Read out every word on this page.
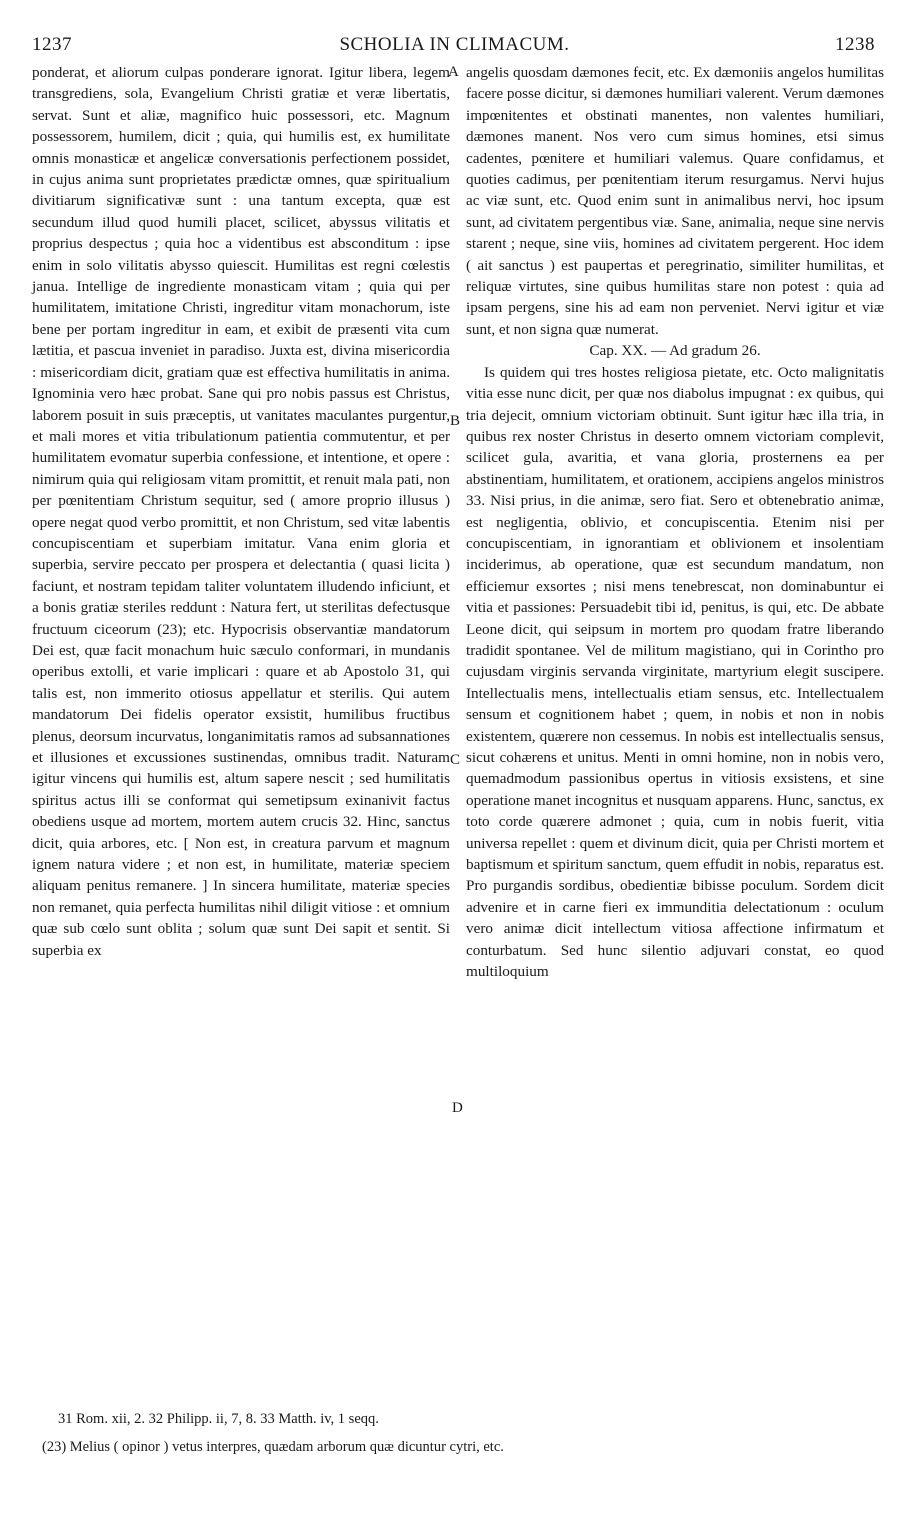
1237	SCHOLIA IN CLIMACUM.	1238

ponderat, et aliorum culpas ponderare ignorat. Igitur libera, legem transgrediens, sola, Evangelium Christi gratiæ et veræ libertatis, servat. Sunt et aliæ, magnifico huic possessori, etc. Magnum possessorem, humilem, dicit ; quia, qui humilis est, ex humilitate omnis monasticæ et angelicæ conversationis perfectionem possidet, in cujus anima sunt proprietates prædictæ omnes, quæ spiritualium divitiarum significativæ sunt : una tantum excepta, quæ est secundum illud quod humili placet, scilicet, abyssus vilitatis et proprius despectus ; quia hoc a videntibus est absconditum : ipse enim in solo vilitatis abysso quiescit. Humilitas est regni cœlestis janua. Intellige de ingrediente monasticam vitam ; quia qui per humilitatem, imitatione Christi, ingreditur vitam monachorum, iste bene per portam ingreditur in eam, et exibit de præsenti vita cum lætitia, et pascua inveniet in paradiso. Juxta est, divina misericordia : misericordiam dicit, gratiam quæ est effectiva humilitatis in anima. Ignominia vero hæc probat. Sane qui pro nobis passus est Christus, laborem posuit in suis præceptis, ut vanitates maculantes purgentur, et mali mores et vitia tribulationum patientia commutentur, et per humilitatem evomatur superbia confessione, et intentione, et opere : nimirum quia qui religiosam vitam promittit, et renuit mala pati, non per pœnitentiam Christum sequitur, sed ( amore proprio illusus ) opere negat quod verbo promittit, et non Christum, sed vitæ labentis concupiscentiam et superbiam imitatur. Vana enim gloria et superbia, servire peccato per prospera et delectantia ( quasi licita ) faciunt, et nostram tepidam taliter voluntatem illudendo inficiunt, et a bonis gratiæ steriles reddunt : Natura fert, ut sterilitas defectusque fructuum ciceorum (23); etc. Hypocrisis observantiæ mandatorum Dei est, quæ facit monachum huic sæculo conformari, in mundanis operibus extolli, et varie implicari : quare et ab Apostolo 31, qui talis est, non immerito otiosus appellatur et sterilis. Qui autem mandatorum Dei fidelis operator exsistit, humilibus fructibus plenus, deorsum incurvatus, longanimitatis ramos ad subsannationes et illusiones et excussiones sustinendas, omnibus tradit. Naturam igitur vincens qui humilis est, altum sapere nescit ; sed humilitatis spiritus actus illi se conformat qui semetipsum exinanivit factus obediens usque ad mortem, mortem autem crucis 32. Hinc, sanctus dicit, quia arbores, etc. [ Non est, in creatura parvum et magnum ignem natura videre ; et non est, in humilitate, materiæ speciem aliquam penitus remanere. ] In sincera humilitate, materiæ species non remanet, quia perfecta humilitas nihil diligit vitiose : et omnium quæ sub cœlo sunt oblita ; solum quæ sunt Dei sapit et sentit. Si superbia ex

A
B
C
D

angelis quosdam dæmones fecit, etc. Ex dæmoniis angelos humilitas facere posse dicitur, si dæmones humiliari valerent. Verum dæmones impœnitentes et obstinati manentes, non valentes humiliari, dæmones manent. Nos vero cum simus homines, etsi simus cadentes, pœnitere et humiliari valemus. Quare confidamus, et quoties cadimus, per pœnitentiam iterum resurgamus. Nervi hujus ac viæ sunt, etc. Quod enim sunt in animalibus nervi, hoc ipsum sunt, ad civitatem pergentibus viæ. Sane, animalia, neque sine nervis starent ; neque, sine viis, homines ad civitatem pergerent. Hoc idem ( ait sanctus ) est paupertas et peregrinatio, similiter humilitas, et reliquæ virtutes, sine quibus humilitas stare non potest : quia ad ipsam pergens, sine his ad eam non perveniet. Nervi igitur et viæ sunt, et non signa quæ numerat.

Cap. XX. — Ad gradum 26.

Is quidem qui tres hostes religiosa pietate, etc. Octo malignitatis vitia esse nunc dicit, per quæ nos diabolus impugnat : ex quibus, qui tria dejecit, omnium victoriam obtinuit. Sunt igitur hæc illa tria, in quibus rex noster Christus in deserto omnem victoriam complevit, scilicet gula, avaritia, et vana gloria, prosternens ea per abstinentiam, humilitatem, et orationem, accipiens angelos ministros 33. Nisi prius, in die animæ, sero fiat. Sero et obtenebratio animæ, est negligentia, oblivio, et concupiscentia. Etenim nisi per concupiscentiam, in ignorantiam et oblivionem et insolentiam inciderimus, ab operatione, quæ est secundum mandatum, non efficiemur exsortes ; nisi mens tenebrescat, non dominabuntur ei vitia et passiones: Persuadebit tibi id, penitus, is qui, etc. De abbate Leone dicit, qui seipsum in mortem pro quodam fratre liberando tradidit spontanee. Vel de militum magistiano, qui in Corintho pro cujusdam virginis servanda virginitate, martyrium elegit suscipere. Intellectualis mens, intellectualis etiam sensus, etc. Intellectualem sensum et cognitionem habet ; quem, in nobis et non in nobis existentem, quærere non cessemus. In nobis est intellectualis sensus, sicut cohærens et unitus. Menti in omni homine, non in nobis vero, quemadmodum passionibus opertus in vitiosis exsistens, et sine operatione manet incognitus et nusquam apparens. Hunc, sanctus, ex toto corde quærere admonet ; quia, cum in nobis fuerit, vitia universa repellet : quem et divinum dicit, quia per Christi mortem et baptismum et spiritum sanctum, quem effudit in nobis, reparatus est. Pro purgandis sordibus, obedientiæ bibisse poculum. Sordem dicit advenire et in carne fieri ex immunditia delectationum : oculum vero animæ dicit intellectum vitiosa affectione infirmatum et conturbatum. Sed hunc silentio adjuvari constat, eo quod multiloquium

31 Rom. xii, 2. 32 Philipp. ii, 7, 8. 33 Matth. iv, 1 seqq.
(23) Melius ( opinor ) vetus interpres, quædam arborum quæ dicuntur cytri, etc.
